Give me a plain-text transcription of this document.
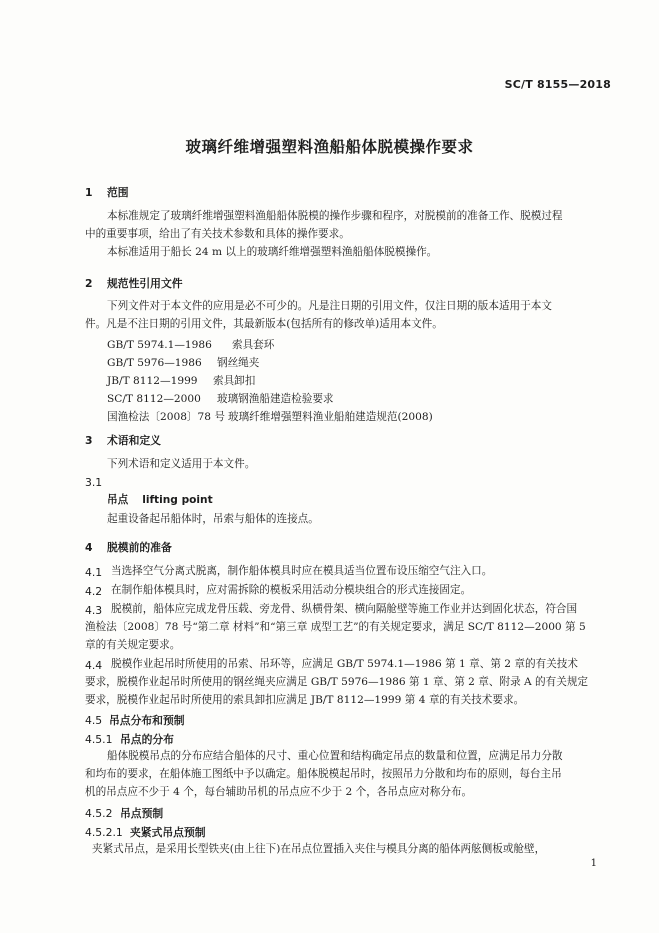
SC/T 8155—2018
玻璃纤维增强塑料渔船船体脱模操作要求
1 范围
本标准规定了玻璃纤维增强塑料渔船船体脱模的操作步骤和程序，对脱模前的准备工作、脱模过程
中的重要事项，给出了有关技术参数和具体的操作要求。
本标准适用于船长 24 m 以上的玻璃纤维增强塑料渔船船体脱模操作。
2 规范性引用文件
下列文件对于本文件的应用是必不可少的。凡是注日期的引用文件，仅注日期的版本适用于本文
件。凡是不注日期的引用文件，其最新版本(包括所有的修改单)适用本文件。
GB/T 5974.1—1986 索具套环
GB/T 5976—1986 钢丝绳夹
JB/T 8112—1999 索具卸扣
SC/T 8112—2000 玻璃钢渔船建造检验要求
国渔检法〔2008〕78 号 玻璃纤维增强塑料渔业船舶建造规范(2008)
3 术语和定义
下列术语和定义适用于本文件。
3.1
吊点 lifting point
起重设备起吊船体时，吊索与船体的连接点。
4 脱模前的准备
4.1 当选择空气分离式脱离，制作船体模具时应在模具适当位置布设压缩空气注入口。
4.2 在制作船体模具时，应对需拆除的模板采用活动分模块组合的形式连接固定。
4.3 脱模前，船体应完成龙骨压载、旁龙骨、纵横骨架、横向隔舱壁等施工作业并达到固化状态，符合国
渔检法〔2008〕78 号“第二章 材料”和“第三章 成型工艺”的有关规定要求，满足 SC/T 8112—2000 第 5
章的有关规定要求。
4.4 脱模作业起吊时所使用的吊索、吊环等，应满足 GB/T 5974.1—1986 第 1 章、第 2 章的有关技术
要求，脱模作业起吊时所使用的钢丝绳夹应满足 GB/T 5976—1986 第 1 章、第 2 章、附录 A 的有关规定
要求，脱模作业起吊时所使用的索具卸扣应满足 JB/T 8112—1999 第 4 章的有关技术要求。
4.5 吊点分布和预制
4.5.1 吊点的分布
船体脱模吊点的分布应结合船体的尺寸、重心位置和结构确定吊点的数量和位置，应满足吊力分散
和均布的要求，在船体施工图纸中予以确定。船体脱模起吊时，按照吊力分散和均布的原则，每台主吊
机的吊点应不少于 4 个，每台辅助吊机的吊点应不少于 2 个，各吊点应对称分布。
4.5.2 吊点预制
4.5.2.1 夹紧式吊点预制
夹紧式吊点，是采用长型铁夹(由上往下)在吊点位置插入夹住与模具分离的船体两舷侧板或舱壁，
1
